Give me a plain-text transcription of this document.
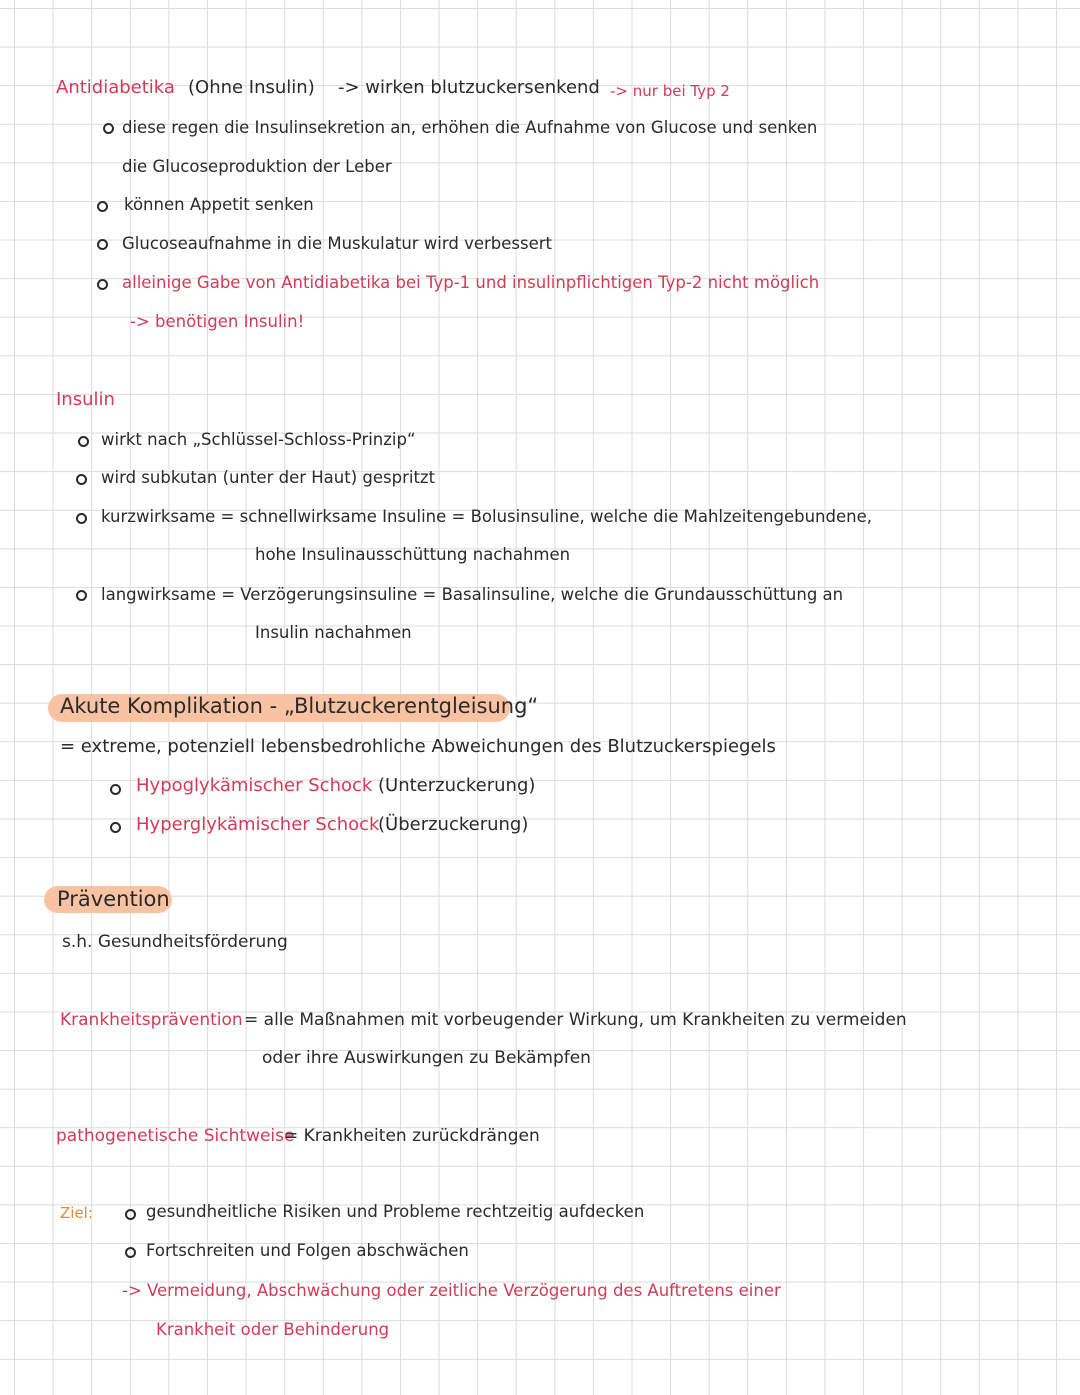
Antidiabetika (Ohne Insulin) -> wirken blutzuckersenkend -> nur bei Typ 2
diese regen die Insulinsekretion an, erhöhen die Aufnahme von Glucose und senken
die Glucoseproduktion der Leber
können Appetit senken
Glucoseaufnahme in die Muskulatur wird verbessert
alleinige Gabe von Antidiabetika bei Typ-1 und insulinpflichtigen Typ-2 nicht möglich
-> benötigen Insulin!
Insulin
wirkt nach „Schlüssel-Schloss-Prinzip“
wird subkutan (unter der Haut) gespritzt
kurzwirksame = schnellwirksame Insuline = Bolusinsuline, welche die Mahlzeitengebundene,
hohe Insulinausschüttung nachahmen
langwirksame = Verzögerungsinsuline = Basalinsuline, welche die Grundausschüttung an
Insulin nachahmen
Akute Komplikation - „Blutzuckerentgleisung“
= extreme, potenziell lebensbedrohliche Abweichungen des Blutzuckerspiegels
Hypoglykämischer Schock (Unterzuckerung)
Hyperglykämischer Schock
(Überzuckerung)
Prävention
s.h. Gesundheitsförderung
Krankheitsprävention = alle Maßnahmen mit vorbeugender Wirkung, um Krankheiten zu vermeiden
oder ihre Auswirkungen zu Bekämpfen
pathogenetische Sichtweise
= Krankheiten zurückdrängen
Ziel:	gesundheitliche Risiken und Probleme rechtzeitig aufdecken
Fortschreiten und Folgen abschwächen
-> Vermeidung, Abschwächung oder zeitliche Verzögerung des Auftretens einer
Krankheit oder Behinderung
